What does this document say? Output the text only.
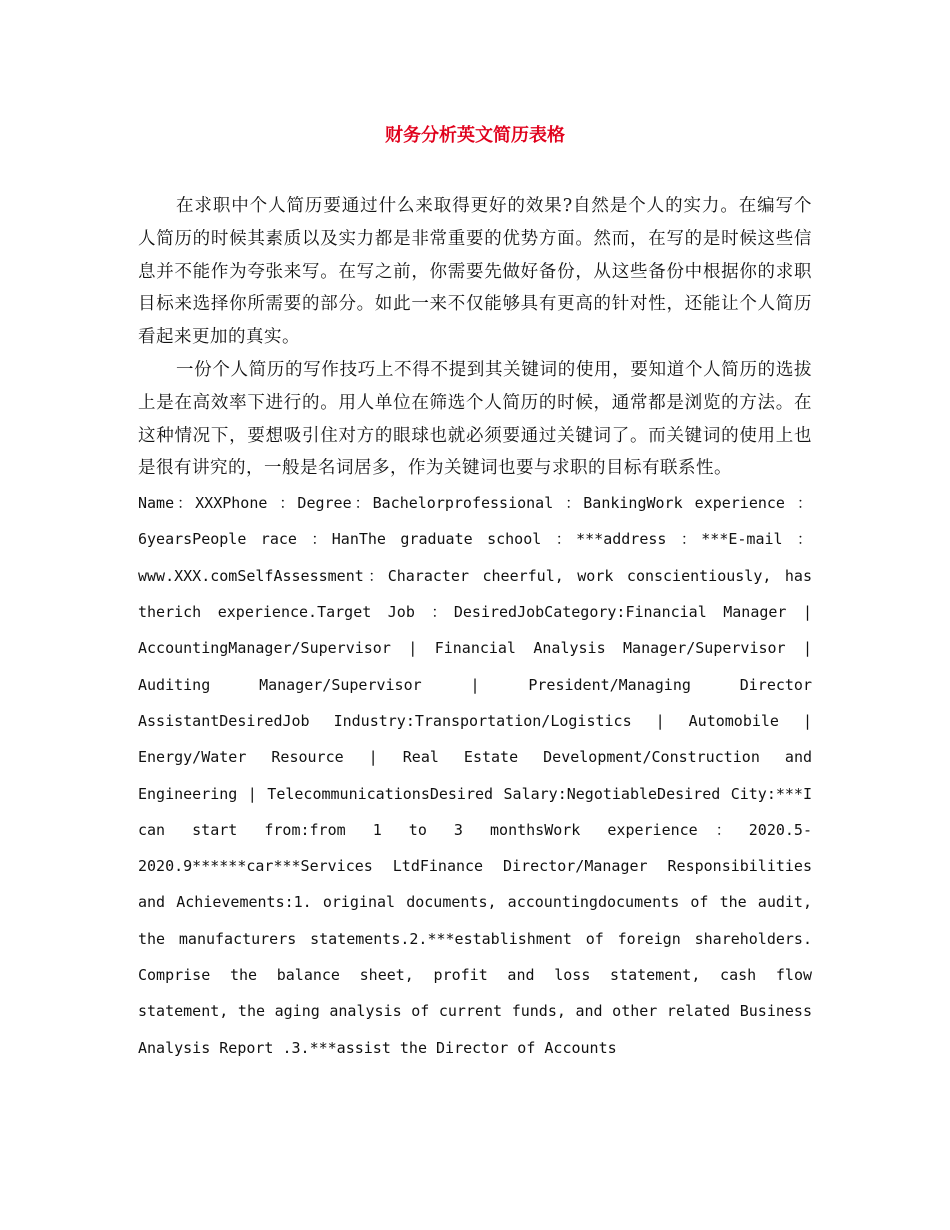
财务分析英文简历表格

在求职中个人简历要通过什么来取得更好的效果?自然是个人的实力。在编写个人简历的时候其素质以及实力都是非常重要的优势方面。然而，在写的是时候这些信息并不能作为夸张来写。在写之前，你需要先做好备份，从这些备份中根据你的求职目标来选择你所需要的部分。如此一来不仅能够具有更高的针对性，还能让个人简历看起来更加的真实。

一份个人简历的写作技巧上不得不提到其关键词的使用，要知道个人简历的选拔上是在高效率下进行的。用人单位在筛选个人简历的时候，通常都是浏览的方法。在这种情况下，要想吸引住对方的眼球也就必须要通过关键词了。而关键词的使用上也是很有讲究的，一般是名词居多，作为关键词也要与求职的目标有联系性。

Name：XXXPhone ：Degree：Bachelorprofessional ：BankingWork experience ：6yearsPeople race ：HanThe graduate school ：***address ：***E-mail ：www.XXX.comSelfAssessment：Character cheerful, work conscientiously, has therich experience.Target Job ：DesiredJobCategory:Financial Manager | AccountingManager/Supervisor | Financial Analysis Manager/Supervisor | Auditing Manager/Supervisor | President/Managing Director AssistantDesiredJob Industry:Transportation/Logistics | Automobile | Energy/Water Resource | Real Estate Development/Construction and Engineering | TelecommunicationsDesired Salary:NegotiableDesired City:***I can start from:from 1 to 3 monthsWork experience：2020.5-2020.9******car***Services LtdFinance Director/Manager Responsibilities and Achievements:1. original documents, accountingdocuments of the audit, the manufacturers statements.2.***establishment of foreign shareholders. Comprise the balance sheet, profit and loss statement, cash flow statement, the aging analysis of current funds, and other related Business Analysis Report .3.***assist the Director of Accounts
